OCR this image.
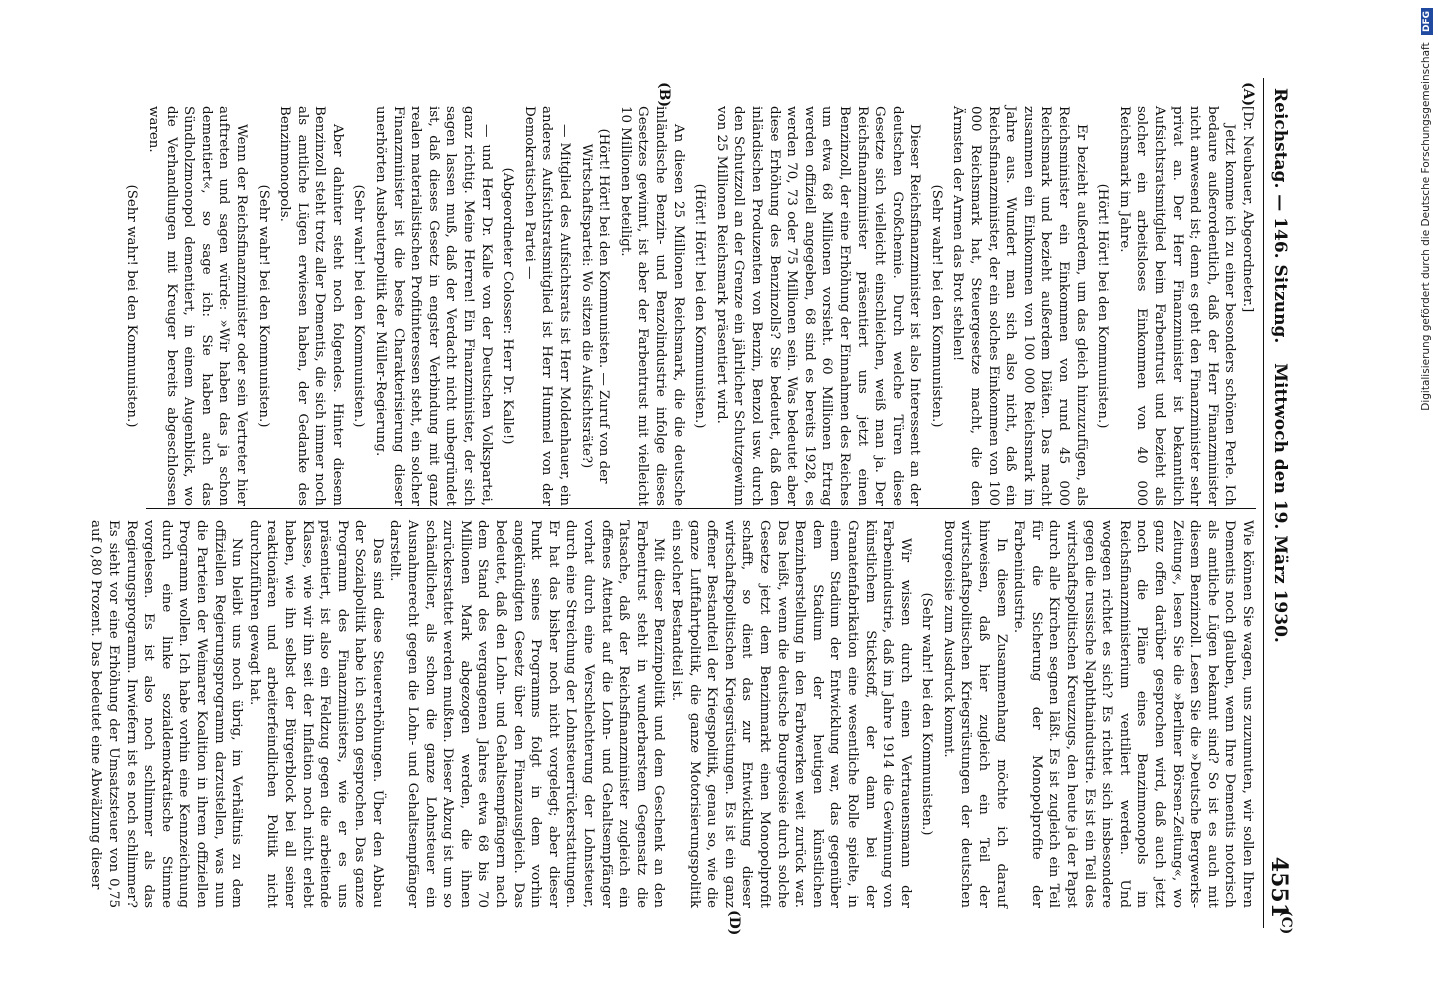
Reichstag. — 146. Sitzung.
Mittwoch den 19. März 1930.
4551
(A)
(B)
(C)
(D)

[Dr. Neubauer, Abgeordneter.]

Jetzt komme ich zu einer besonders schönen Perle. Ich bedaure außerordentlich, daß der Herr Finanzminister nicht anwesend ist; denn es geht den Finanzminister sehr privat an. Der Herr Finanzminister ist bekanntlich Aufsichtsratsmitglied beim Farbentrust und bezieht als solcher ein arbeitsloses Einkommen von 40 000 Reichsmark im Jahre.

(Hört! Hört! bei den Kommunisten.)

Er bezieht außerdem, um das gleich hinzuzufügen, als Reichsminister ein Einkommen von rund 45 000 Reichsmark und bezieht außerdem Diäten. Das macht zusammen ein Einkommen von 100 000 Reichsmark im Jahre aus. Wundert man sich also nicht, daß ein Reichsfinanzminister, der ein solches Einkommen von 100 000 Reichsmark hat, Steuergesetze macht, die den Ärmsten der Armen das Brot stehlen!

(Sehr wahr! bei den Kommunisten.)

Dieser Reichsfinanzminister ist also Interessent an der deutschen Großchemie. Durch welche Türen diese Gesetze sich vielleicht einschleichen, weiß man ja. Der Reichsfinanzminister präsentiert uns jetzt einen Benzinzoll, der eine Erhöhung der Einnahmen des Reiches um etwa 68 Millionen vorsieht. 60 Millionen Ertrag werden offiziell angegeben, 68 sind es bereits 1928, es werden 70, 73 oder 75 Millionen sein. Was bedeutet aber diese Erhöhung des Benzinzolls? Sie bedeutet, daß den inländischen Produzenten von Benzin, Benzol usw. durch den Schutzzoll an der Grenze ein jährlicher Schutzgewinn von 25 Millionen Reichsmark präsentiert wird.

(Hört! Hört! bei den Kommunisten.)

An diesen 25 Millionen Reichsmark, die die deutsche inländische Benzin- und Benzolindustrie infolge dieses Gesetzes gewinnt, ist aber der Farbentrust mit vielleicht 10 Millionen beteiligt.

(Hört! Hört! bei den Kommunisten. — Zuruf von der Wirtschaftspartei: Wo sitzen die Aufsichtsräte?)

— Mitglied des Aufsichtsrats ist Herr Moldenhauer, ein anderes Aufsichtsratsmitglied ist Herr Hummel von der Demokratischen Partei —

(Abgeordneter Colosser: Herr Dr. Kalle!)

— und Herr Dr. Kalle von der Deutschen Volkspartei, ganz richtig. Meine Herren! Ein Finanzminister, der sich sagen lassen muß, daß der Verdacht nicht unbegründet ist, daß dieses Gesetz in engster Verbindung mit ganz realen materialistischen Profitinteressen steht, ein solcher Finanzminister ist die beste Charakterisierung dieser unerhörten Ausbeuterpolitik der Müller-Regierung.

(Sehr wahr! bei den Kommunisten.)

Aber dahinter steht noch folgendes. Hinter diesem Benzinzoll steht trotz aller Dementis, die sich immer noch als amtliche Lügen erwiesen haben, der Gedanke des Benzinmonopols.

(Sehr wahr! bei den Kommunisten.)

Wenn der Reichsfinanzminister oder sein Vertreter hier auftreten und sagen würde: »Wir haben das ja schon dementiert«, so sage ich: Sie haben auch das Sündholzmonopol dementiert, in einem Augenblick, wo die Verhandlungen mit Kreuger bereits abgeschlossen waren.

(Sehr wahr! bei den Kommunisten.)

Wie können Sie wagen, uns zuzumuten, wir sollen Ihren Dementis noch glauben, wenn Ihre Dementis notorisch als amtliche Lügen bekannt sind? So ist es auch mit diesem Benzinzoll. Lesen Sie die »Deutsche Bergwerks-Zeitung«, lesen Sie die »Berliner Börsen-Zeitung«, wo ganz offen darüber gesprochen wird, daß auch jetzt noch die Pläne eines Benzinmonopols im Reichsfinanzministerium ventiliert werden. Und wogegen richtet es sich? Es richtet sich insbesondere gegen die russische Naphthaindustrie. Es ist ein Teil des wirtschaftspolitischen Kreuzzugs, den heute ja der Papst durch alle Kirchen segnen läßt. Es ist zugleich ein Teil für die Sicherung der Monopolprofite der Farbenindustrie.

In diesem Zusammenhang möchte ich darauf hinweisen, daß hier zugleich ein Teil der wirtschaftspolitischen Kriegsrüstungen der deutschen Bourgeoisie zum Ausdruck kommt.

(Sehr wahr! bei den Kommunisten.)

Wir wissen durch einen Vertrauensmann der Farbenindustrie, daß im Jahre 1914 die Gewinnung von künstlichem Stickstoff, der dann bei der Granatenfabrikation eine wesentliche Rolle spielte, in einem Stadium der Entwicklung war, das gegenüber dem Stadium der heutigen künstlichen Benzinherstellung in den Farbwerken weit zurück war. Das heißt, wenn die deutsche Bourgeoisie durch solche Gesetze jetzt dem Benzinmarkt einen Monopolprofit schafft, so dient das zur Entwicklung dieser wirtschaftspolitischen Kriegsrüstungen. Es ist ein ganz offener Bestandteil der Kriegspolitik, genau so, wie die ganze Luftfahrtpolitik, die ganze Motorisierungspolitik ein solcher Bestandteil ist.

Mit dieser Benzinpolitik und dem Geschenk an den Farbentrust steht in wunderbarstem Gegensatz die Tatsache, daß der Reichsfinanzminister zugleich ein offenes Attentat auf die Lohn- und Gehaltsempfänger vorhat durch eine Verschlechterung der Lohnsteuer, durch eine Streichung der Lohnsteuerrückerstattungen. Er hat das bisher noch nicht vorgelegt; aber dieser Punkt seines Programms folgt in dem vorhin angekündigten Gesetz über den Finanzausgleich. Das bedeutet, daß den Lohn- und Gehaltsempfängern nach dem Stand des vergangenen Jahres etwa 68 bis 70 Millionen Mark abgezogen werden, die ihnen zurückerstattet werden mußten. Dieser Abzug ist um so schändlicher, als schon die ganze Lohnsteuer ein Ausnahmerecht gegen die Lohn- und Gehaltsempfänger darstellt.

Das sind diese Steuererhöhungen. Über den Abbau der Sozialpolitik habe ich schon gesprochen. Das ganze Programm des Finanzministers, wie er es uns präsentiert, ist also ein Feldzug gegen die arbeitende Klasse, wie wir ihn seit der Inflation noch nicht erlebt haben, wie ihn selbst der Bürgerblock bei all seiner reaktionären und arbeiterfeindlichen Politik nicht durchzuführen gewagt hat.

Nun bleibt uns noch übrig, im Verhältnis zu dem offiziellen Regierungsprogramm darzustellen, was nun die Parteien der Weimarer Koalition in ihrem offiziellen Programm wollen. Ich habe vorhin eine Kennzeichnung durch eine linke sozialdemokratische Stimme vorgelesen. Es ist also noch schlimmer als das Regierungsprogramm. Inwiefern ist es noch schlimmer? Es sieht vor eine Erhöhung der Umsatzsteuer von 0,75 auf 0,80 Prozent. Das bedeutet eine Abwälzung dieser

Digitalisierung gefördert durch die Deutsche Forschungsgemeinschaft DFG
